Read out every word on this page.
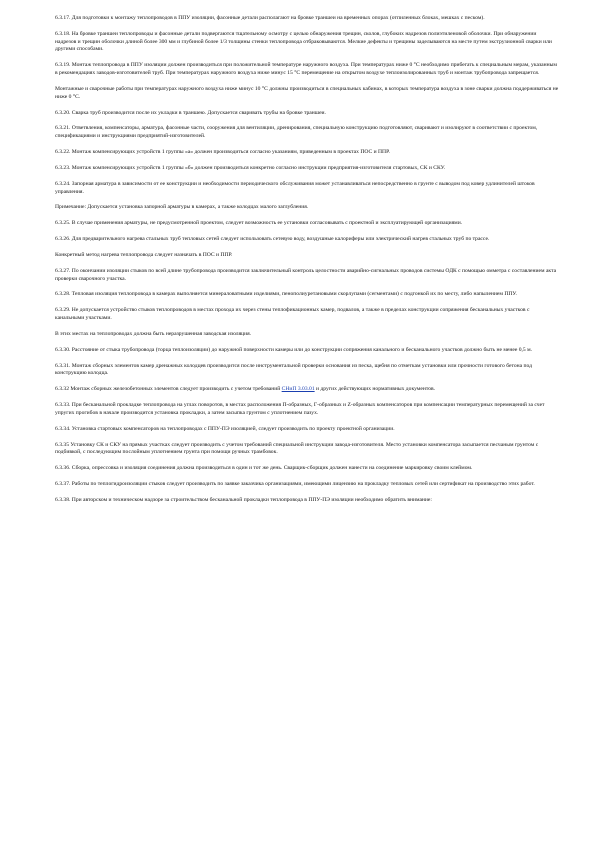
6.3.17. Для подготовки к монтажу теплопроводов в ППУ изоляции, фасонные детали располагают на бровке траншеи на временных опорах (отпиленных блоках, мешках с песком).

6.3.18. На бровке траншеи теплопроводы и фасонные детали подвергаются тщательному осмотру с целью обнаружения трещин, сколов, глубоких надрезов полиэтиленовой оболочки. При обнаружении надрезов и трещин оболочки длиной более 300 мм и глубиной более 1/3 толщины стенки теплопровода отбраковываются. Мелкие дефекты и трещины заделываются на месте путем экструзионной сварки или другими способами.

6.3.19. Монтаж теплопровода в ППУ изоляции должен производиться при положительной температуре наружного воздуха. При температурах ниже 0 °С необходимо прибегать к специальным мерам, указанным в рекомендациях заводов-изготовителей труб. При температурах наружного воздуха ниже минус 15 °С перемещение на открытом воздухе теплоизолированных труб и монтаж трубопровода запрещается.

Монтажные и сварочные работы при температурах наружного воздуха ниже минус 10 °С должны производиться в специальных кабинах, в которых температура воздуха в зоне сварки должна поддерживаться не ниже 0 °С.

6.3.20. Сварка труб производится после их укладки в траншею. Допускается сваривать трубы на бровке траншеи.

6.3.21. Ответвления, компенсаторы, арматура, фасонные части, сооружения для вентиляции, дренирования, специальную конструкцию подготовляют, сваривают и изолируют в соответствии с проектом, спецификациями и инструкциями предприятий-изготовителей.

6.3.22. Монтаж компенсирующих устройств 1 группы «а» должен производиться согласно указаниям, приведенным в проектах ПОС и ППР.

6.3.23. Монтаж компенсирующих устройств 1 группы «б» должен производиться конкретно согласно инструкции предприятия-изготовителя стартовых, СК и СКУ.

6.3.24. Запорная арматура в зависимости от ее конструкции и необходимости периодического обслуживания может устанавливаться непосредственно в грунте с выводом под ковер удлинителей штоков управления.

Примечание: Допускается установка запорной арматуры в камерах, а также колодцах малого заглубления.

6.3.25. В случае применения арматуры, не предусмотренной проектом, следует возможность ее установки согласовывать с проектной и эксплуатирующей организациями.

6.3.26. Для предварительного нагрева стальных труб тепловых сетей следует использовать сетевую воду, воздушные калориферы или электрический нагрев стальных труб по трассе.

Конкретный метод нагрева теплопровода следует назначать в ПОС и ППР.

6.3.27. По окончании изоляции стыков по всей длине трубопровода производится заключительный контроль целостности аварийно-сигнальных проводов системы ОДК с помощью омметра с составлением акта проверки сварочного участка.

6.3.28. Тепловая изоляция теплопровода в камерах выполняется минераловатными изделиями, пенополиуретановыми скорлупами (сегментами) с подгонкой их по месту, либо напылением ППУ.

6.3.29. Не допускается устройство стыков теплопроводов в местах прохода их через стены теплофикационных камер, подвалов, а также в пределах конструкции сопряжения бесканальных участков с канальными участками.

В этих местах на теплопроводах должна быть неразрушенная заводская изоляция.

6.3.30. Расстояние от стыка трубопровода (торца теплоизоляции) до наружной поверхности камеры или до конструкции сопряжения канального и бесканального участков должно быть не менее 0,5 м.

6.3.31. Монтаж сборных элементов камер дренажных колодцев производится после инструментальной проверки основания из песка, щебня по отметкам установки или прочности готового бетона под конструкцию колодца.

6.3.32 Монтаж сборных железобетонных элементов следует производить с учетом требований СНиП 3.03.01 и других действующих нормативных документов.

6.3.33. При бесканальной прокладке теплопровода на углах поворотов, в местах расположения П-образных, Г-образных и Z-образных компенсаторов при компенсации температурных перемещений за счет упругих прогибов в начале производится установка прокладки, а затем засыпка грунтом с уплотнением пазух.

6.3.34. Установка стартовых компенсаторов на теплопроводах с ППУ-ПЭ изоляцией, следует производить по проекту проектной организации.

6.3.35 Установку СК и СКУ на прямых участках следует производить с учетом требований специальной инструкции завода-изготовителя. Место установки компенсатора засыпается песчаным грунтом с подбивкой, с последующим послойным уплотнением грунта при помощи ручных трамбовок.

6.3.36. Сборка, опрессовка и изоляция соединения должна производиться в один и тот же день. Сварщик-сборщик должен нанести на соединение маркировку своим клеймом.

6.3.37. Работы по теплогидроизоляции стыков следует производить по заявке заказчика организациями, имеющими лицензию на прокладку тепловых сетей или сертификат на производство этих работ.

6.3.38. При авторском и техническом надзоре за строительством бесканальной прокладки теплопровода в ППУ-ПЭ изоляции необходимо обратить внимание:
